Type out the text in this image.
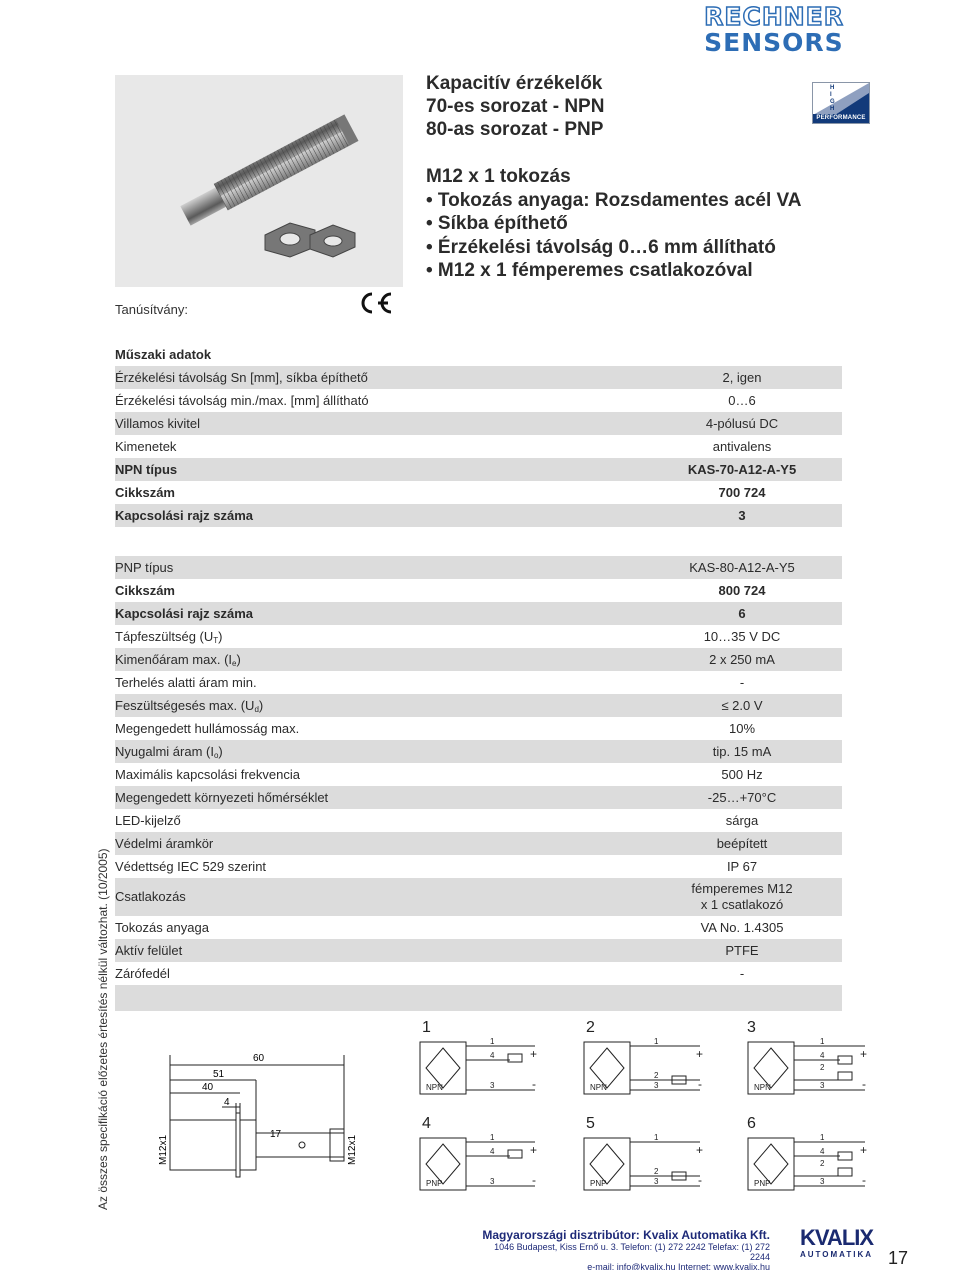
RECHNER
SENSORS
H
I
G
H
PERFORMANCE
Kapacitív érzékelők
70-es sorozat - NPN
80-as sorozat - PNP
M12 x 1 tokozás
• Tokozás anyaga: Rozsdamentes acél VA
• Síkba építhető
• Érzékelési távolság 0…6 mm állítható
• M12 x 1 fémperemes csatlakozóval
Tanúsítvány:
Műszaki adatok
Érzékelési távolság Sn [mm], síkba építhető	2, igen
Érzékelési távolság min./max. [mm] állítható	0…6
Villamos kivitel	4-pólusú DC
Kimenetek	antivalens
NPN típus	KAS-70-A12-A-Y5
Cikkszám	700 724
Kapcsolási rajz száma	3
PNP típus	KAS-80-A12-A-Y5
Cikkszám	800 724
Kapcsolási rajz száma	6
Tápfeszültség $(U_T)$	10…35 V DC
Kimenőáram max. $(I_e)$	2 x 250 mA
Terhelés alatti áram min.	-
Feszültségesés max. $(U_d)$	≤ 2.0 V
Megengedett hullámosság max.	10%
Nyugalmi áram $(I_o)$	tip. 15 mA
Maximális kapcsolási frekvencia	500 Hz
Megengedett környezeti hőmérséklet	-25…+70°C
LED-kijelző	sárga
Védelmi áramkör	beépített
Védettség IEC 529 szerint	IP 67
Csatlakozás
fémperemes M12 x 1 csatlakozó
Tokozás anyaga	VA No. 1.4305
Aktív felület	PTFE
Zárófedél	-
Az összes specifikáció előzetes értesítés nélkül változhat. (10/2005)	60
51
40
4
17
M12x1	M12x1
1	2	3
4	5	6
NPN	NPN	NPN
PNP	PNP	PNP
1
4
3
1
2
3
1
4
2
3
1
4
3
1
2
3
1
4
2
3
+
-
+
-
+
-
+
-
+
-
+
-
Magyarországi disztribútor: Kvalix Automatika Kft.
1046 Budapest, Kiss Ernő u. 3. Telefon: (1) 272 2242 Telefax: (1) 272 2244
e-mail: info@kvalix.hu Internet: www.kvalix.hu
KVALIX
AUTOMATIKA 17
